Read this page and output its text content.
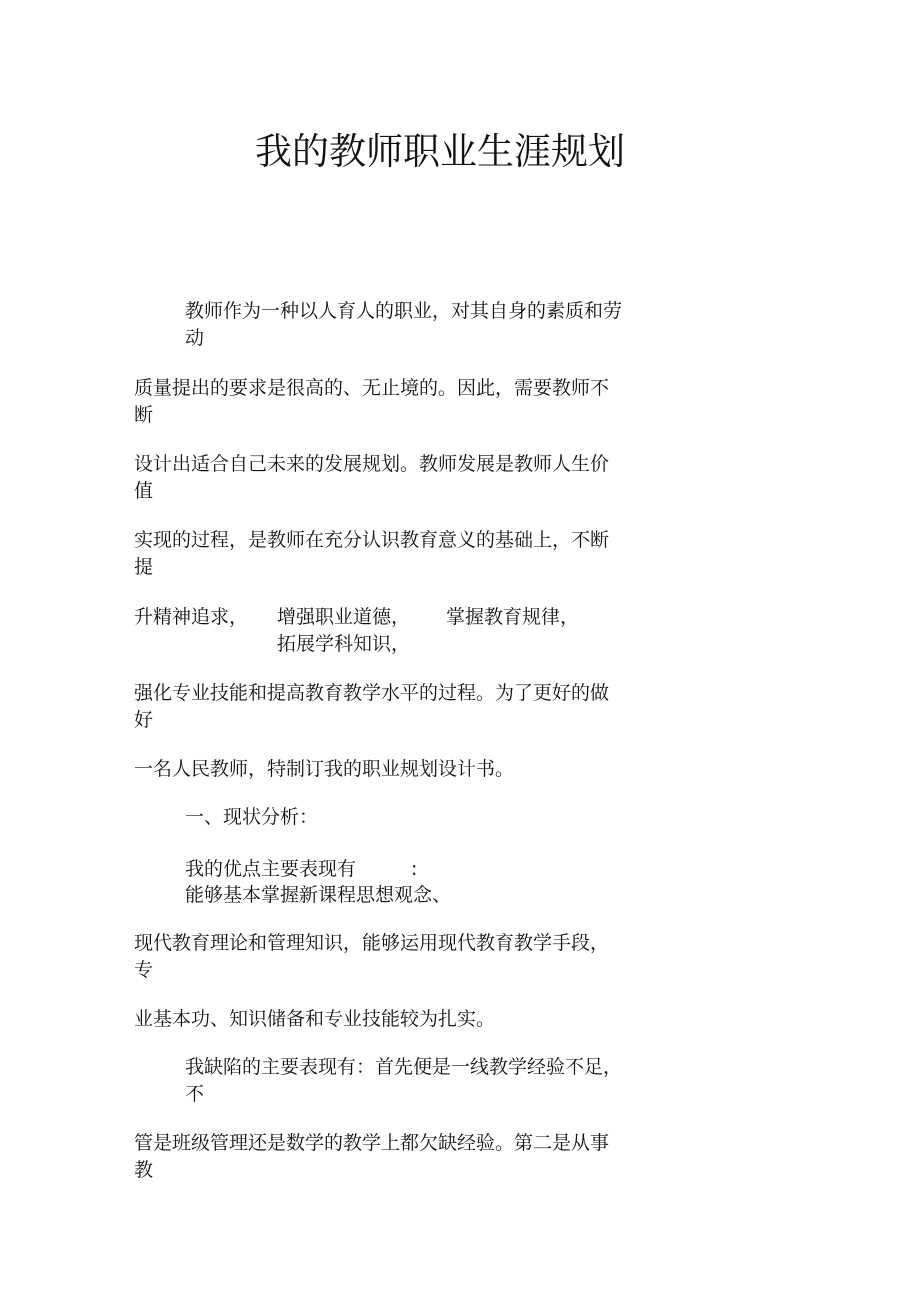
我的教师职业生涯规划

教师作为一种以人育人的职业，对其自身的素质和劳动

质量提出的要求是很高的、无止境的。因此，需要教师不断

设计出适合自己未来的发展规划。教师发展是教师人生价值

实现的过程，是教师在充分认识教育意义的基础上，不断提

升精神追求， 增强职业道德， 掌握教育规律，
拓展学科知识，

强化专业技能和提高教育教学水平的过程。为了更好的做好

一名人民教师，特制订我的职业规划设计书。

一、现状分析：

我的优点主要表现有	:

能够基本掌握新课程思想观念、

现代教育理论和管理知识，能够运用现代教育教学手段，专

业基本功、知识储备和专业技能较为扎实。

我缺陷的主要表现有：首先便是一线教学经验不足，不

管是班级管理还是数学的教学上都欠缺经验。第二是从事教
